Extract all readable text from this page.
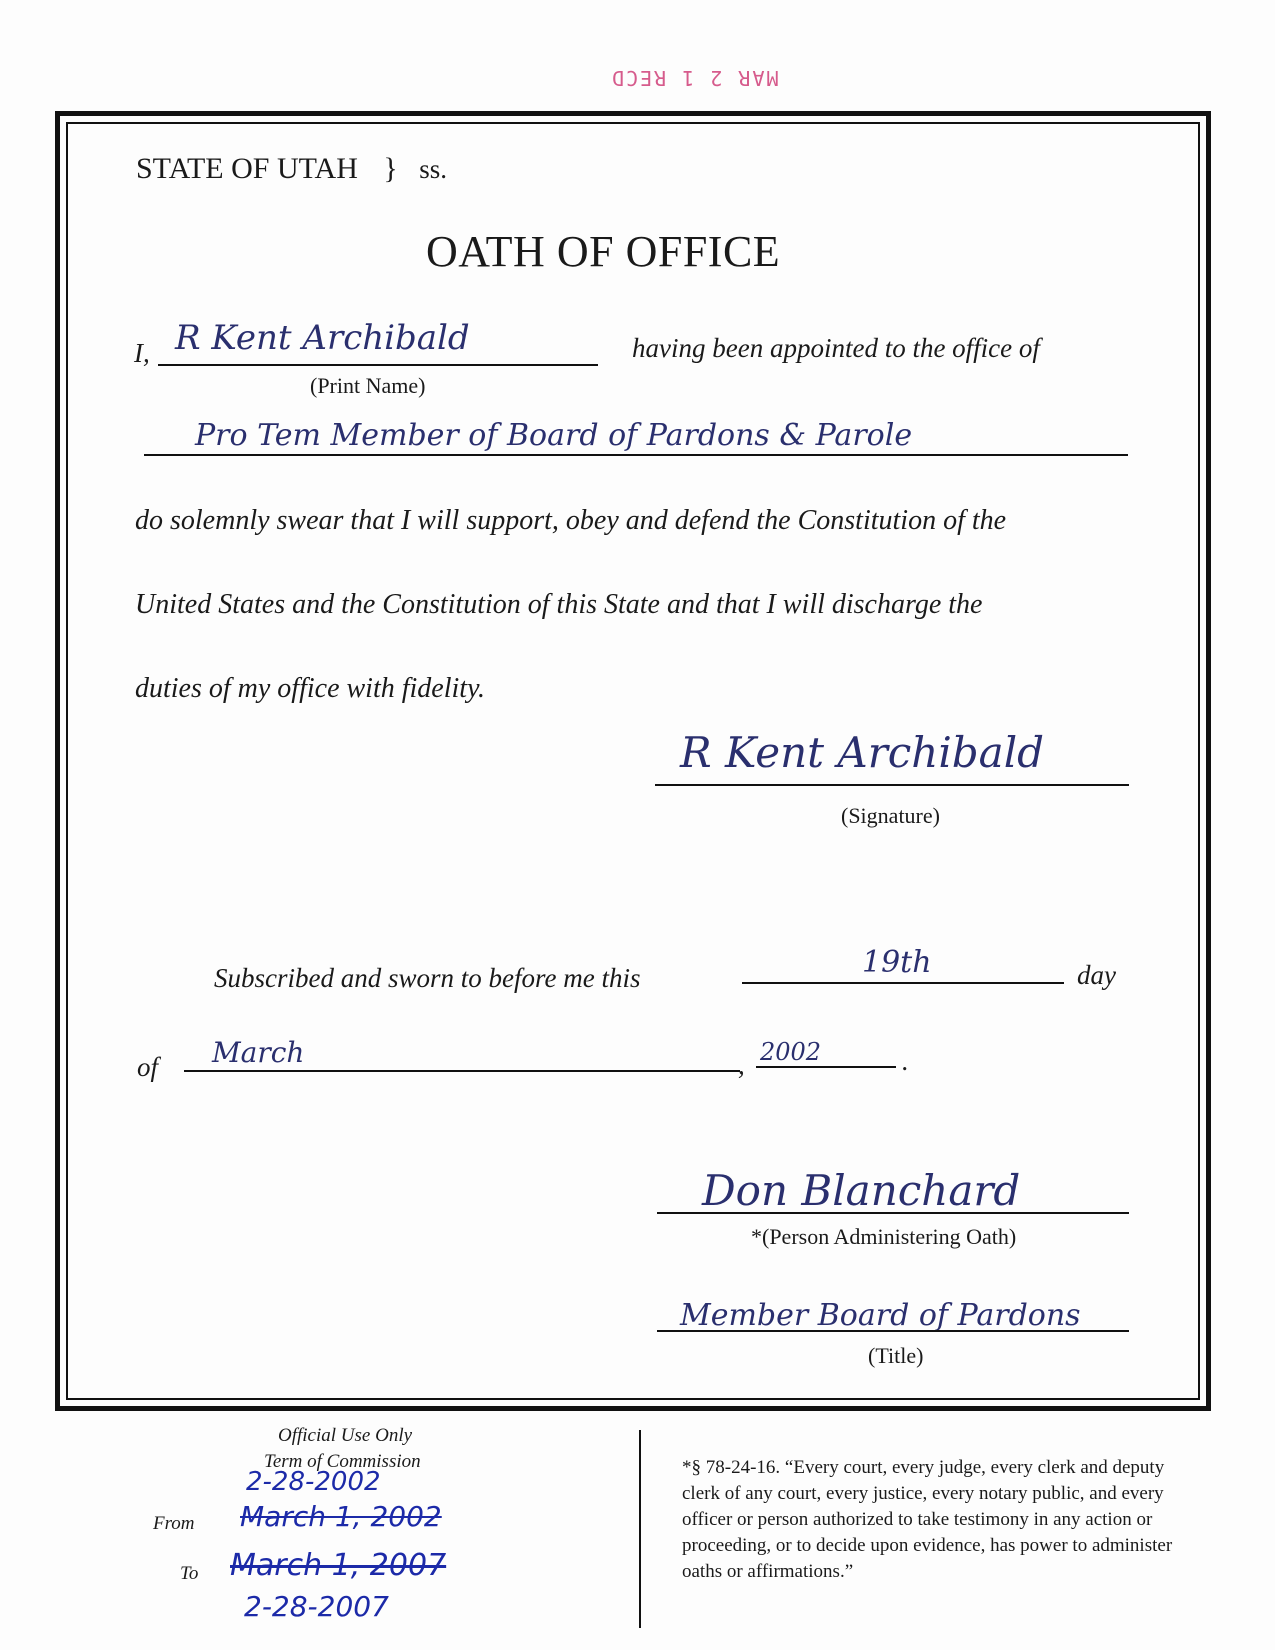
MAR 2 1 RECD
STATE OF UTAH } ss.
OATH OF OFFICE
I, R Kent Archibald
(Print Name)
having been appointed to the office of
Pro Tem Member of Board of Pardons & Parole
do solemnly swear that I will support, obey and defend the Constitution of the
United States and the Constitution of this State and that I will discharge the
duties of my office with fidelity.
R Kent Archibald
(Signature)
Subscribed and sworn to before me this	19th	day
of March	, 2002	.
Don Blanchard
*(Person Administering Oath)
Member Board of Pardons
(Title)
Official Use Only
Term of Commission
2-28-2002
From March 1, 2002
To March 1, 2007
2-28-2007
*§ 78-24-16. “Every court, every judge, every clerk and deputy clerk of any court, every justice, every notary public, and every officer or person authorized to take testimony in any action or proceeding, or to decide upon evidence, has power to administer oaths or affirmations.”
